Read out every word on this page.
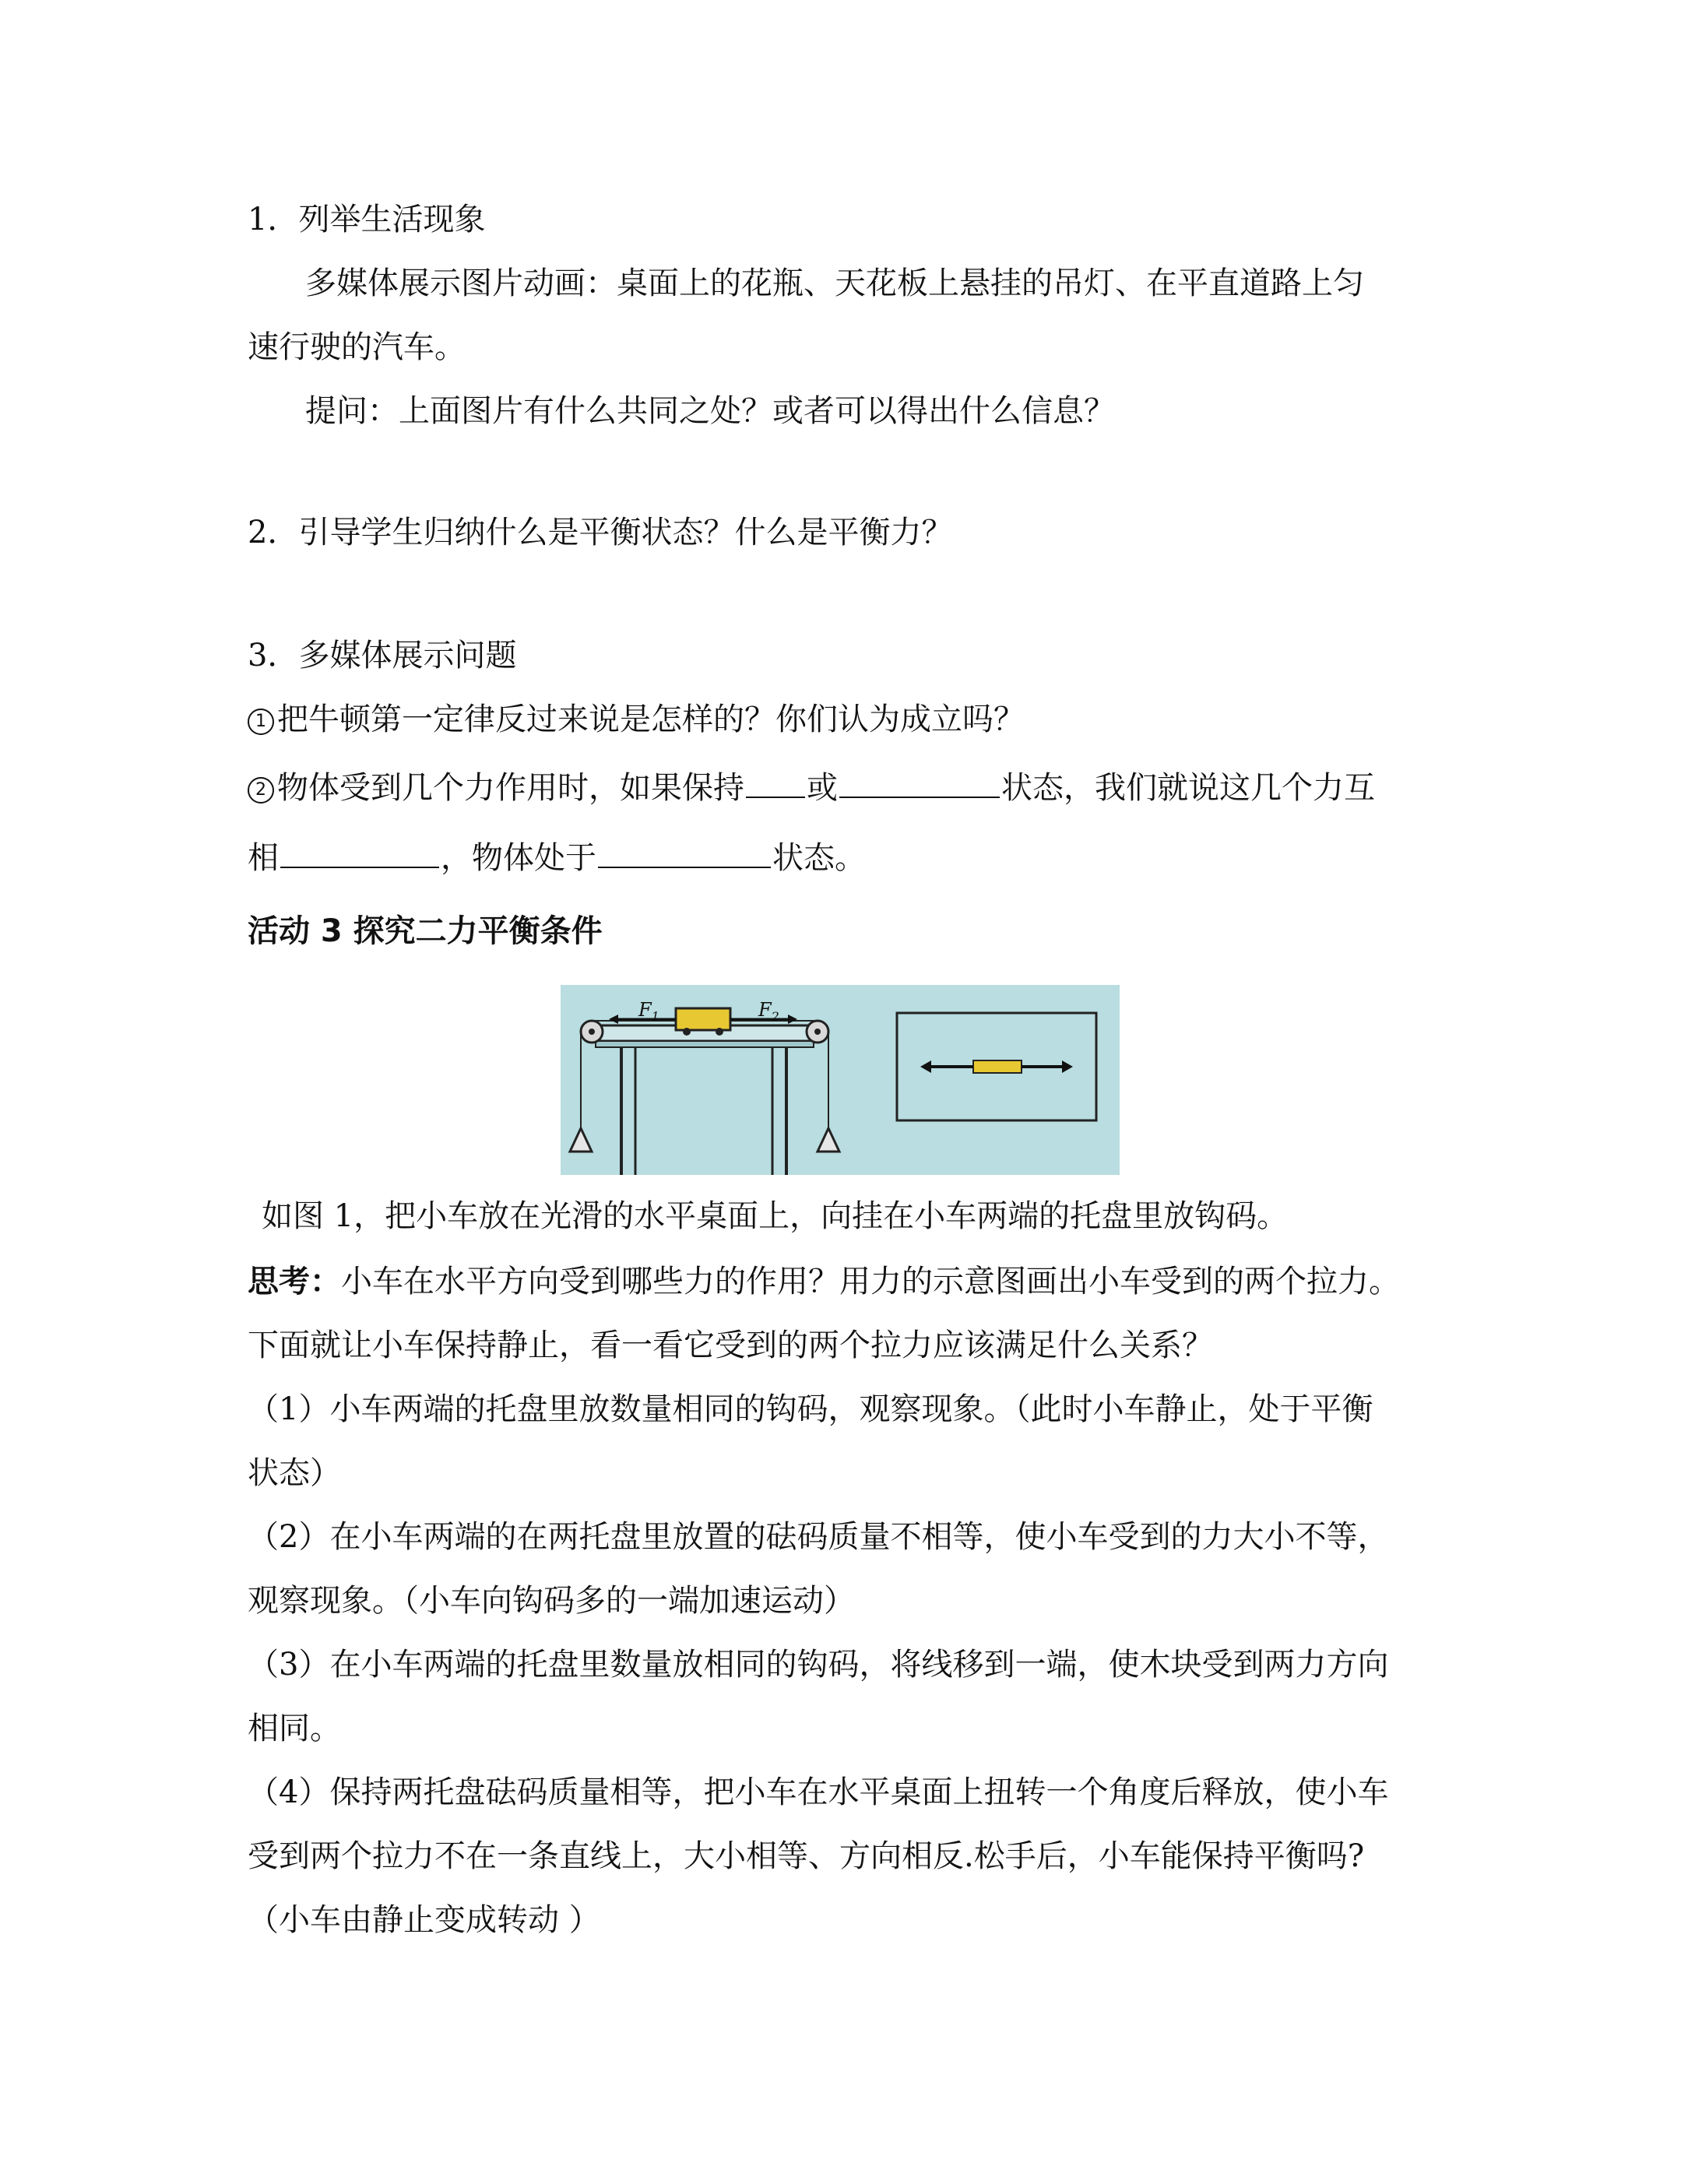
1．列举生活现象
多媒体展示图片动画：桌面上的花瓶、天花板上悬挂的吊灯、在平直道路上匀
速行驶的汽车。
提问：上面图片有什么共同之处？或者可以得出什么信息？
2．引导学生归纳什么是平衡状态？什么是平衡力？
3．多媒体展示问题
1 把牛顿第一定律反过来说是怎样的？你们认为成立吗？
2 物体受到几个力作用时，如果保持 或	状态，我们就说这几个力互
相	，物体处于	状态。
活动 3 探究二力平衡条件
$F_1$	$F_2$
如图 1，把小车放在光滑的水平桌面上，向挂在小车两端的托盘里放钩码。
思考：小车在水平方向受到哪些力的作用？用力的示意图画出小车受到的两个拉力。
下面就让小车保持静止，看一看它受到的两个拉力应该满足什么关系？
（1）小车两端的托盘里放数量相同的钩码，观察现象。（此时小车静止，处于平衡
状态）
（2）在小车两端的在两托盘里放置的砝码质量不相等，使小车受到的力大小不等，
观察现象。（小车向钩码多的一端加速运动）
（3）在小车两端的托盘里数量放相同的钩码，将线移到一端，使木块受到两力方向
相同。
（4）保持两托盘砝码质量相等，把小车在水平桌面上扭转一个角度后释放，使小车
受到两个拉力不在一条直线上，大小相等、方向相反.松手后，小车能保持平衡吗?
（小车由静止变成转动 ）
